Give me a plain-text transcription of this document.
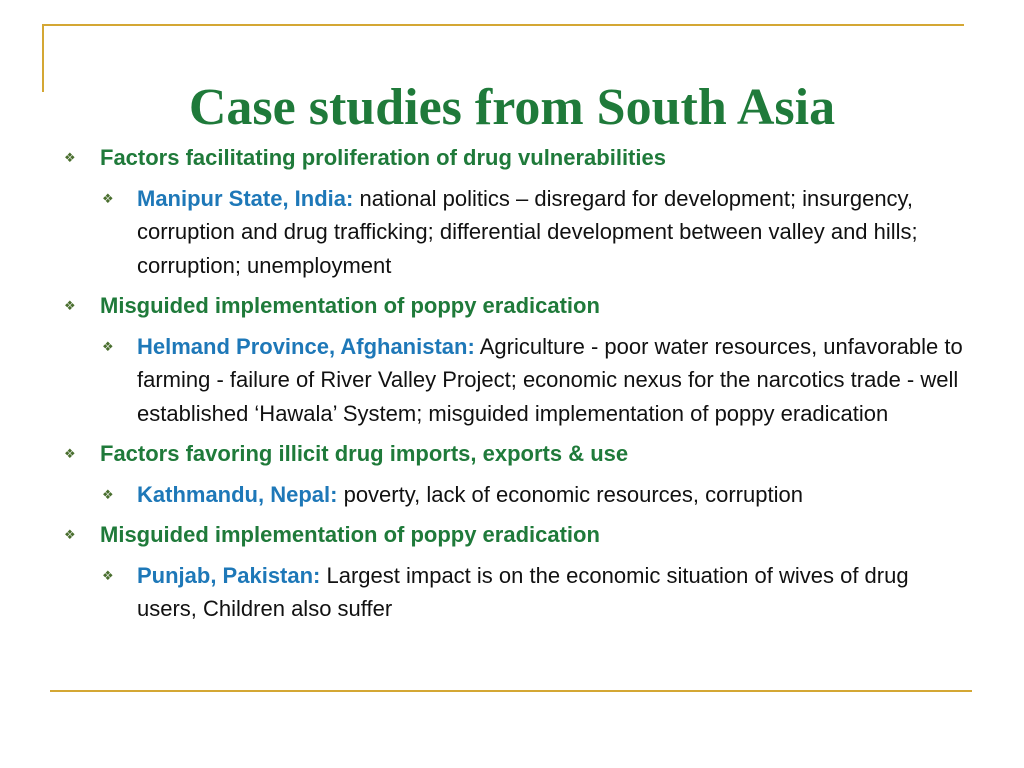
Case studies from South Asia

❖ Factors facilitating proliferation of drug vulnerabilities

❖ Manipur State, India: national politics – disregard for development; insurgency, corruption and drug trafficking; differential development between valley and hills; corruption; unemployment

❖ Misguided implementation of poppy eradication

❖ Helmand Province, Afghanistan: Agriculture - poor water resources, unfavorable to farming - failure of River Valley Project; economic nexus for the narcotics trade - well established ‘Hawala’ System; misguided implementation of poppy eradication

❖ Factors favoring illicit drug imports, exports & use

❖ Kathmandu, Nepal: poverty, lack of economic resources, corruption

❖ Misguided implementation of poppy eradication

❖ Punjab, Pakistan: Largest impact is on the economic situation of wives of drug users, Children also suffer
